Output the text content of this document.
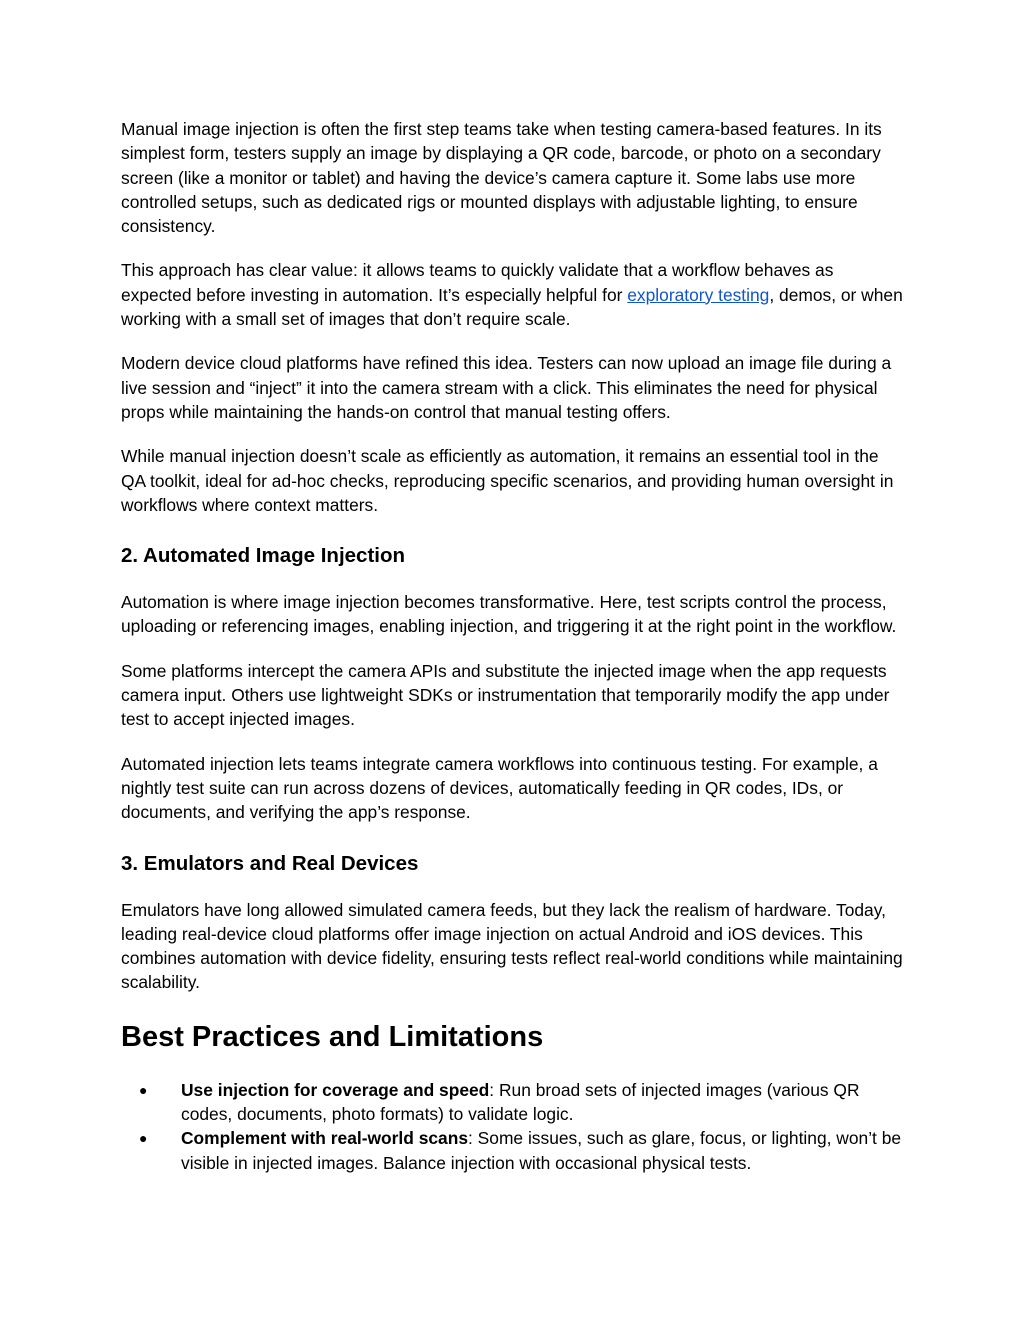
Manual image injection is often the first step teams take when testing camera-based features. In its simplest form, testers supply an image by displaying a QR code, barcode, or photo on a secondary screen (like a monitor or tablet) and having the device’s camera capture it. Some labs use more controlled setups, such as dedicated rigs or mounted displays with adjustable lighting, to ensure consistency.

This approach has clear value: it allows teams to quickly validate that a workflow behaves as expected before investing in automation. It’s especially helpful for exploratory testing, demos, or when working with a small set of images that don’t require scale.

Modern device cloud platforms have refined this idea. Testers can now upload an image file during a live session and “inject” it into the camera stream with a click. This eliminates the need for physical props while maintaining the hands-on control that manual testing offers.

While manual injection doesn’t scale as efficiently as automation, it remains an essential tool in the QA toolkit, ideal for ad-hoc checks, reproducing specific scenarios, and providing human oversight in workflows where context matters.

2. Automated Image Injection

Automation is where image injection becomes transformative. Here, test scripts control the process, uploading or referencing images, enabling injection, and triggering it at the right point in the workflow.

Some platforms intercept the camera APIs and substitute the injected image when the app requests camera input. Others use lightweight SDKs or instrumentation that temporarily modify the app under test to accept injected images.

Automated injection lets teams integrate camera workflows into continuous testing. For example, a nightly test suite can run across dozens of devices, automatically feeding in QR codes, IDs, or documents, and verifying the app’s response.

3. Emulators and Real Devices

Emulators have long allowed simulated camera feeds, but they lack the realism of hardware. Today, leading real-device cloud platforms offer image injection on actual Android and iOS devices. This combines automation with device fidelity, ensuring tests reflect real-world conditions while maintaining scalability.

Best Practices and Limitations
● Use injection for coverage and speed: Run broad sets of injected images (various QR codes, documents, photo formats) to validate logic.
● Complement with real-world scans: Some issues, such as glare, focus, or lighting, won’t be visible in injected images. Balance injection with occasional physical tests.
